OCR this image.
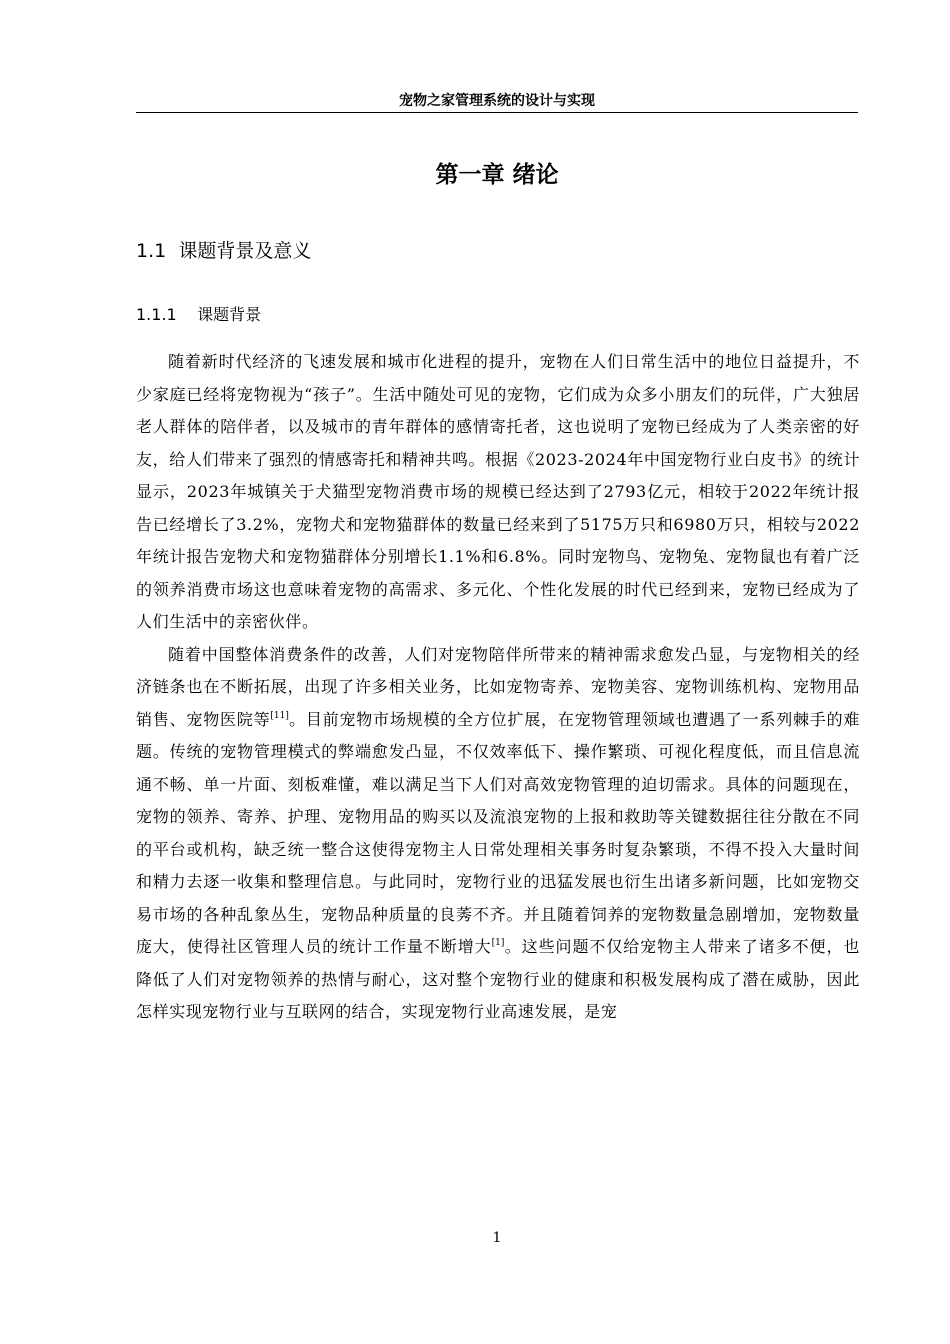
宠物之家管理系统的设计与实现
第一章 绪论
1.1 课题背景及意义
1.1.1 课题背景

随着新时代经济的飞速发展和城市化进程的提升，宠物在人们日常生活中的地位日益提升，不少家庭已经将宠物视为“孩子”。生活中随处可见的宠物，它们成为众多小朋友们的玩伴，广大独居老人群体的陪伴者，以及城市的青年群体的感情寄托者，这也说明了宠物已经成为了人类亲密的好友，给人们带来了强烈的情感寄托和精神共鸣。根据《2023-2024年中国宠物行业白皮书》的统计显示，2023年城镇关于犬猫型宠物消费市场的规模已经达到了2793亿元，相较于2022年统计报告已经增长了3.2%，宠物犬和宠物猫群体的数量已经来到了5175万只和6980万只，相较与2022年统计报告宠物犬和宠物猫群体分别增长1.1%和6.8%。同时宠物鸟、宠物兔、宠物鼠也有着广泛的领养消费市场这也意味着宠物的高需求、多元化、个性化发展的时代已经到来，宠物已经成为了人们生活中的亲密伙伴。

随着中国整体消费条件的改善，人们对宠物陪伴所带来的精神需求愈发凸显，与宠物相关的经济链条也在不断拓展，出现了许多相关业务，比如宠物寄养、宠物美容、宠物训练机构、宠物用品销售、宠物医院等[11]。目前宠物市场规模的全方位扩展，在宠物管理领域也遭遇了一系列棘手的难题。传统的宠物管理模式的弊端愈发凸显，不仅效率低下、操作繁琐、可视化程度低，而且信息流通不畅、单一片面、刻板难懂，难以满足当下人们对高效宠物管理的迫切需求。具体的问题现在，宠物的领养、寄养、护理、宠物用品的购买以及流浪宠物的上报和救助等关键数据往往分散在不同的平台或机构，缺乏统一整合这使得宠物主人日常处理相关事务时复杂繁琐，不得不投入大量时间和精力去逐一收集和整理信息。与此同时，宠物行业的迅猛发展也衍生出诸多新问题，比如宠物交易市场的各种乱象丛生，宠物品种质量的良莠不齐。并且随着饲养的宠物数量急剧增加，宠物数量庞大，使得社区管理人员的统计工作量不断增大[1]。这些问题不仅给宠物主人带来了诸多不便，也降低了人们对宠物领养的热情与耐心，这对整个宠物行业的健康和积极发展构成了潜在威胁，因此怎样实现宠物行业与互联网的结合，实现宠物行业高速发展，是宠

1
